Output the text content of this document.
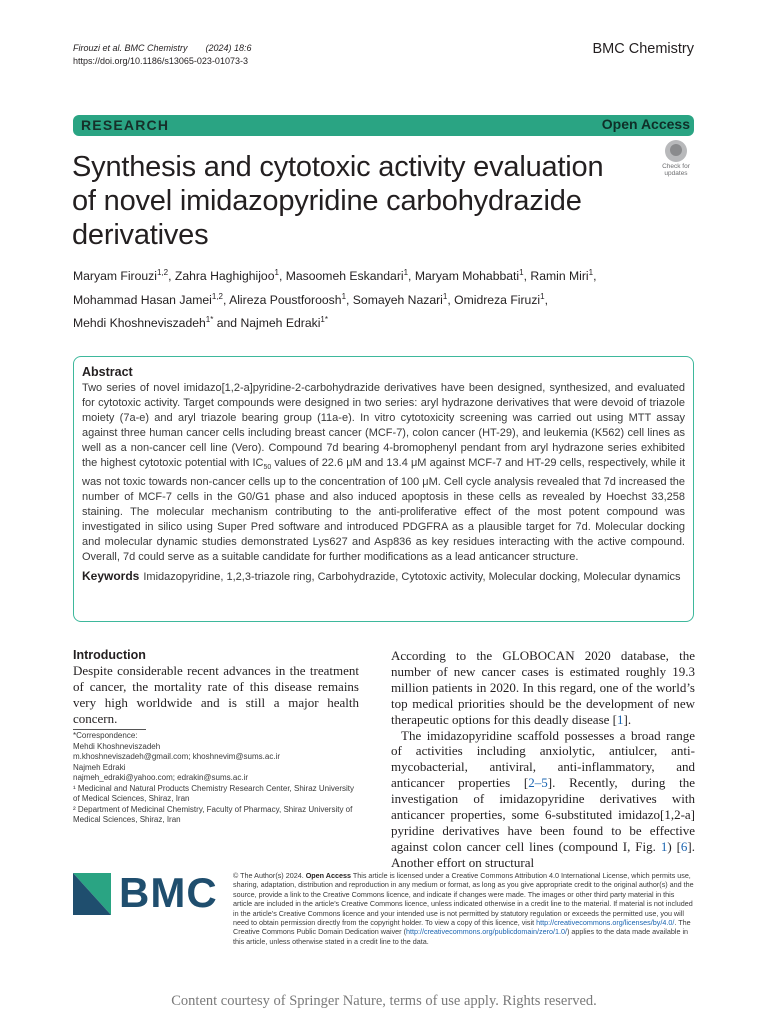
Firouzi et al. BMC Chemistry (2024) 18:6
https://doi.org/10.1186/s13065-023-01073-3
BMC Chemistry
RESEARCH	Open Access
Synthesis and cytotoxic activity evaluation of novel imidazopyridine carbohydrazide derivatives
Check for
updates
Maryam Firouzi$^{1,2}$, Zahra Haghighijoo$^1$, Masoomeh Eskandari$^1$, Maryam Mohabbati$^1$, Ramin Miri$^1$,
Mohammad Hasan Jamei$^{1,2}$, Alireza Poustforoosh$^1$, Somayeh Nazari$^1$, Omidreza Firuzi$^1$,
Mehdi Khoshneviszadeh$^{1*}$ and Najmeh Edraki$^{1*}$
Abstract
Two series of novel imidazo[1,2-a]pyridine-2-carbohydrazide derivatives have been designed, synthesized, and evaluated for cytotoxic activity. Target compounds were designed in two series: aryl hydrazone derivatives that were devoid of triazole moiety (7a-e) and aryl triazole bearing group (11a-e). In vitro cytotoxicity screening was carried out using MTT assay against three human cancer cells including breast cancer (MCF-7), colon cancer (HT-29), and leukemia (K562) cell lines as well as a non-cancer cell line (Vero). Compound 7d bearing 4-bromophenyl pendant from aryl hydrazone series exhibited the highest cytotoxic potential with $IC_{50}$ values of 22.6 μM and 13.4 μM against MCF-7 and HT-29 cells, respectively, while it was not toxic towards non-cancer cells up to the concentration of 100 μM. Cell cycle analysis revealed that 7d increased the number of MCF-7 cells in the G0/G1 phase and also induced apoptosis in these cells as revealed by Hoechst 33,258 staining. The molecular mechanism contributing to the anti-proliferative effect of the most potent compound was investigated in silico using Super Pred software and introduced PDGFRA as a plausible target for 7d. Molecular docking and molecular dynamic studies demonstrated Lys627 and Asp836 as key residues interacting with the active compound. Overall, 7d could serve as a suitable candidate for further modifications as a lead anticancer structure.
Keywords Imidazopyridine, 1,2,3-triazole ring, Carbohydrazide, Cytotoxic activity, Molecular docking, Molecular dynamics
Introduction

Despite considerable recent advances in the treatment of cancer, the mortality rate of this disease remains very high worldwide and is still a major health concern.

According to the GLOBOCAN 2020 database, the number of new cancer cases is estimated roughly 19.3 million patients in 2020. In this regard, one of the world’s top medical priorities should be the development of new therapeutic options for this deadly disease [1].

The imidazopyridine scaffold possesses a broad range of activities including anxiolytic, antiulcer, anti-mycobacterial, antiviral, anti-inflammatory, and anticancer properties [2–5]. Recently, during the investigation of imidazopyridine derivatives with anticancer properties, some 6-substituted imidazo[1,2-a] pyridine derivatives have been found to be effective against colon cancer cell lines (compound I, Fig. 1) [6]. Another effort on structural

*Correspondence:
Mehdi Khoshneviszadeh
m.khoshneviszadeh@gmail.com; khoshnevim@sums.ac.ir
Najmeh Edraki
najmeh_edraki@yahoo.com; edrakin@sums.ac.ir
¹ Medicinal and Natural Products Chemistry Research Center, Shiraz University of Medical Sciences, Shiraz, Iran
² Department of Medicinal Chemistry, Faculty of Pharmacy, Shiraz University of Medical Sciences, Shiraz, Iran
BMC © The Author(s) 2024. Open Access This article is licensed under a Creative Commons Attribution 4.0 International License, which permits use, sharing, adaptation, distribution and reproduction in any medium or format, as long as you give appropriate credit to the original author(s) and the source, provide a link to the Creative Commons licence, and indicate if changes were made. The images or other third party material in this article are included in the article’s Creative Commons licence, unless indicated otherwise in a credit line to the material. If material is not included in the article’s Creative Commons licence and your intended use is not permitted by statutory regulation or exceeds the permitted use, you will need to obtain permission directly from the copyright holder. To view a copy of this licence, visit http://creativecommons.org/licenses/by/4.0/. The Creative Commons Public Domain Dedication waiver (http://creativecommons.org/publicdomain/zero/1.0/) applies to the data made available in this article, unless otherwise stated in a credit line to the data.
Content courtesy of Springer Nature, terms of use apply. Rights reserved.
